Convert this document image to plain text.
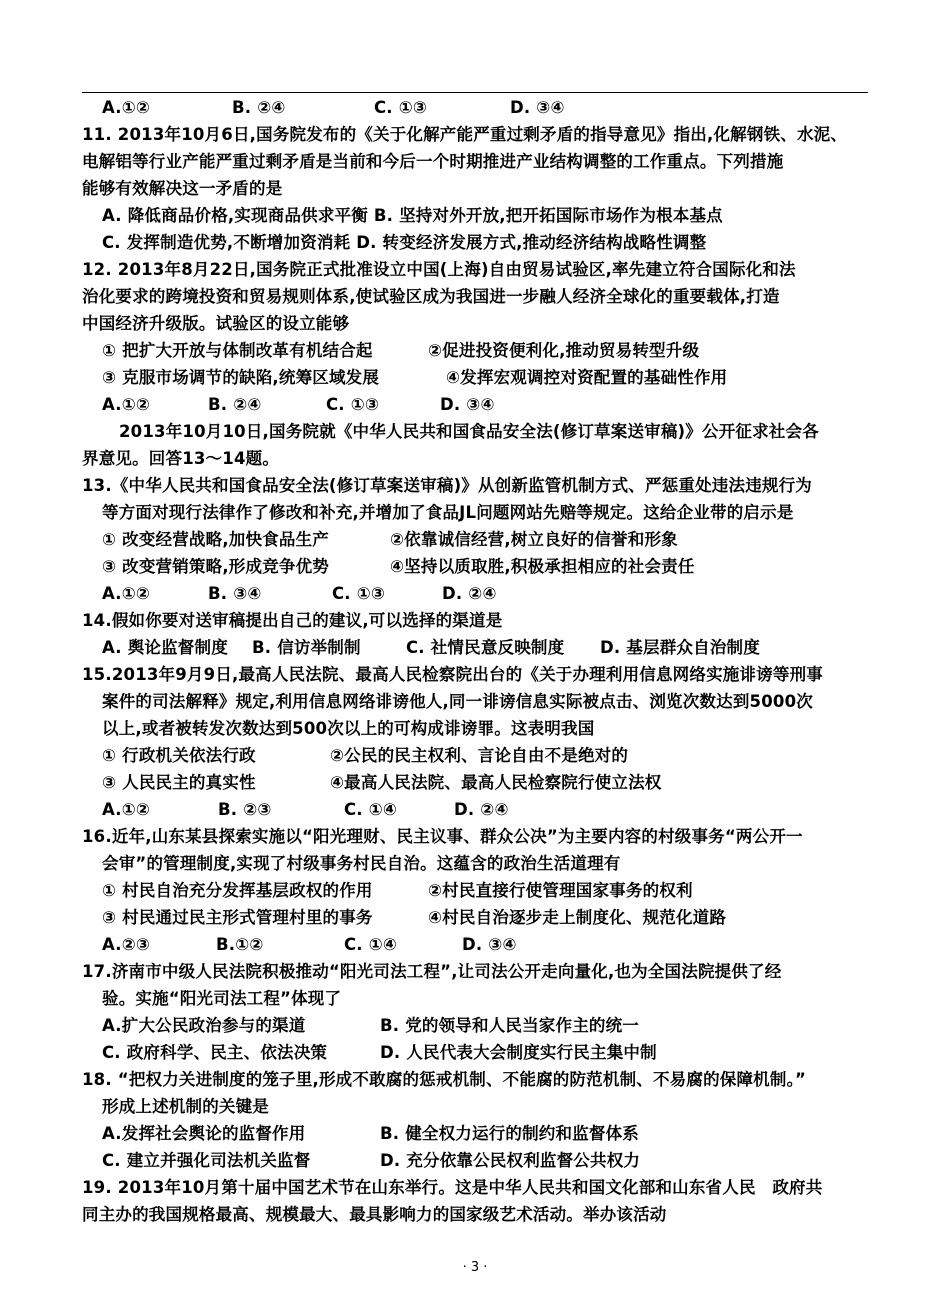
A.①②	B. ②④	C. ①③	D. ③④
11. 2013年10月6日,国务院发布的《关于化解产能严重过剩矛盾的指导意见》指出,化解钢铁、水泥、
电解铝等行业产能严重过剩矛盾是当前和今后一个时期推进产业结构调整的工作重点。下列措施
能够有效解决这一矛盾的是
A. 降低商品价格,实现商品供求平衡 B. 坚持对外开放,把开拓国际市场作为根本基点
C. 发挥制造优势,不断增加资消耗 D. 转变经济发展方式,推动经济结构战略性调整
12. 2013年8月22日,国务院正式批准设立中国(上海)自由贸易试验区,率先建立符合国际化和法
治化要求的跨境投资和贸易规则体系,使试验区成为我国进一步融人经济全球化的重要载体,打造
中国经济升级版。试验区的设立能够
① 把扩大开放与体制改革有机结合起	②促进投资便利化,推动贸易转型升级
③ 克服市场调节的缺陷,统筹区域发展	④发挥宏观调控对资配置的基础性作用
A.①②	B. ②④	C. ①③	D. ③④
2013年10月10日,国务院就《中华人民共和国食品安全法(修订草案送审稿)》公开征求社会各
界意见。回答13～14题。
13.《中华人民共和国食品安全法(修订草案送审稿)》从创新监管机制方式、严惩重处违法违规行为
等方面对现行法律作了修改和补充,并增加了食品JL问题网站先赔等规定。这给企业带的启示是
① 改变经营战略,加快食品生产	②依靠诚信经营,树立良好的信誉和形象
③ 改变营销策略,形成竞争优势	④坚持以质取胜,积极承担相应的社会责任
A.①②	B. ③④	C. ①③	D. ②④
14.假如你要对送审稿提出自己的建议,可以选择的渠道是
A. 舆论监督制度 B. 信访举制制	C. 社情民意反映制度 D. 基层群众自治制度
15.2013年9月9日,最高人民法院、最高人民检察院出台的《关于办理利用信息网络实施诽谤等刑事
案件的司法解释》规定,利用信息网络诽谤他人,同一诽谤信息实际被点击、浏览次数达到5000次
以上,或者被转发次数达到500次以上的可构成诽谤罪。这表明我国
① 行政机关依法行政	②公民的民主权利、言论自由不是绝对的
③ 人民民主的真实性	④最高人民法院、最高人民检察院行使立法权
A.①②	B. ②③	C. ①④	D. ②④
16.近年,山东某县探索实施以“阳光理财、民主议事、群众公决”为主要内容的村级事务“两公开一
会审”的管理制度,实现了村级事务村民自治。这蕴含的政治生活道理有
① 村民自治充分发挥基层政权的作用	②村民直接行使管理国家事务的权利
③ 村民通过民主形式管理村里的事务	④村民自治逐步走上制度化、规范化道路
A.②③	B.①②	C. ①④	D. ③④
17.济南市中级人民法院积极推动“阳光司法工程”,让司法公开走向量化,也为全国法院提供了经
验。实施“阳光司法工程”体现了
A.扩大公民政治参与的渠道	B. 党的领导和人民当家作主的统一
C. 政府科学、民主、依法决策	D. 人民代表大会制度实行民主集中制
18. “把权力关进制度的笼子里,形成不敢腐的惩戒机制、不能腐的防范机制、不易腐的保障机制。”
形成上述机制的关键是
A.发挥社会舆论的监督作用	B. 健全权力运行的制约和监督体系
C. 建立并强化司法机关监督	D. 充分依靠公民权利监督公共权力
19. 2013年10月第十届中国艺术节在山东举行。这是中华人民共和国文化部和山东省人民　政府共
同主办的我国规格最高、规模最大、最具影响力的国家级艺术活动。举办该活动
· 3 ·
